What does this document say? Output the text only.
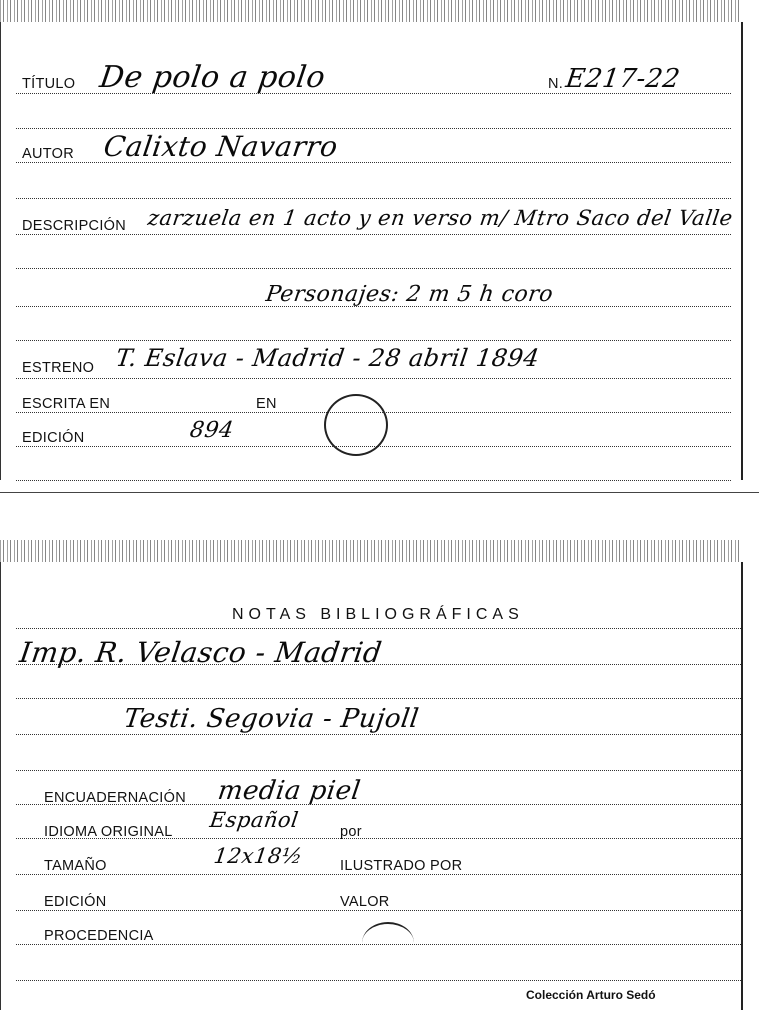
TÍTULO De polo a polo	N. E217-22
AUTOR Calixto Navarro
DESCRIPCIÓN zarzuela en 1 acto y en verso m/ Mtro Saco del Valle
Personajes: 2 m 5 h coro
ESTRENO T. Eslava - Madrid - 28 abril 1894
ESCRITA EN	EN
EDICIÓN	894
NOTAS BIBLIOGRÁFICAS
Imp. R. Velasco - Madrid
Testi. Segovia - Pujoll
ENCUADERNACIÓN media piel
IDIOMA ORIGINAL Español	por
TAMAÑO	12x18½ ILUSTRADO POR
EDICIÓN	VALOR
PROCEDENCIA
Colección Arturo Sedó
